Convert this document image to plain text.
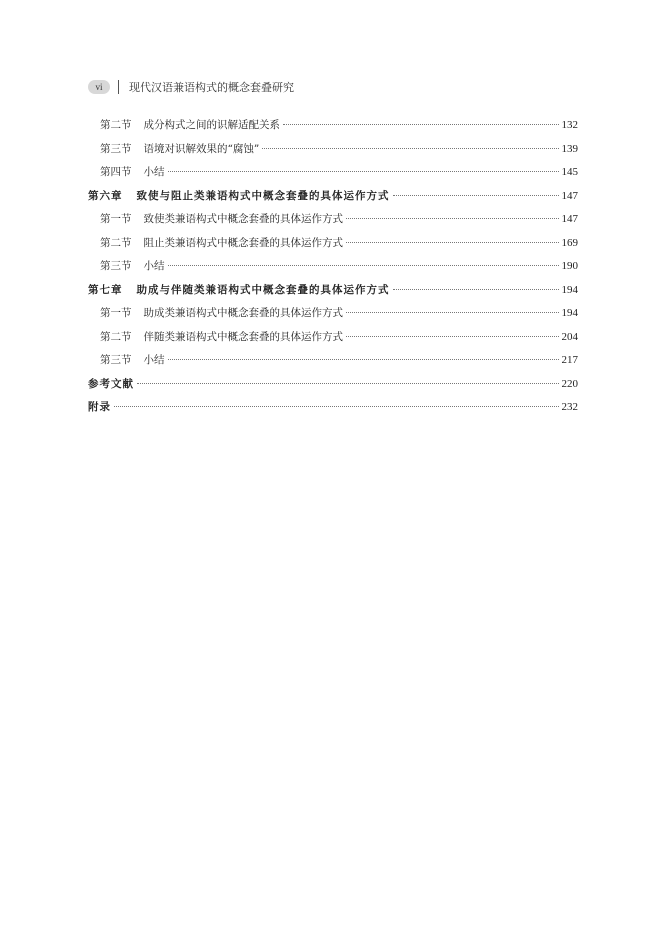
vi	现代汉语兼语构式的概念套叠研究
第二节 成分构式之间的识解适配关系	132
第三节 语境对识解效果的“腐蚀”	139
第四节 小结	145
第六章 致使与阻止类兼语构式中概念套叠的具体运作方式	147
第一节 致使类兼语构式中概念套叠的具体运作方式	147
第二节 阻止类兼语构式中概念套叠的具体运作方式	169
第三节 小结	190
第七章 助成与伴随类兼语构式中概念套叠的具体运作方式	194
第一节 助成类兼语构式中概念套叠的具体运作方式	194
第二节 伴随类兼语构式中概念套叠的具体运作方式	204
第三节 小结	217
参考文献	220
附录	232
